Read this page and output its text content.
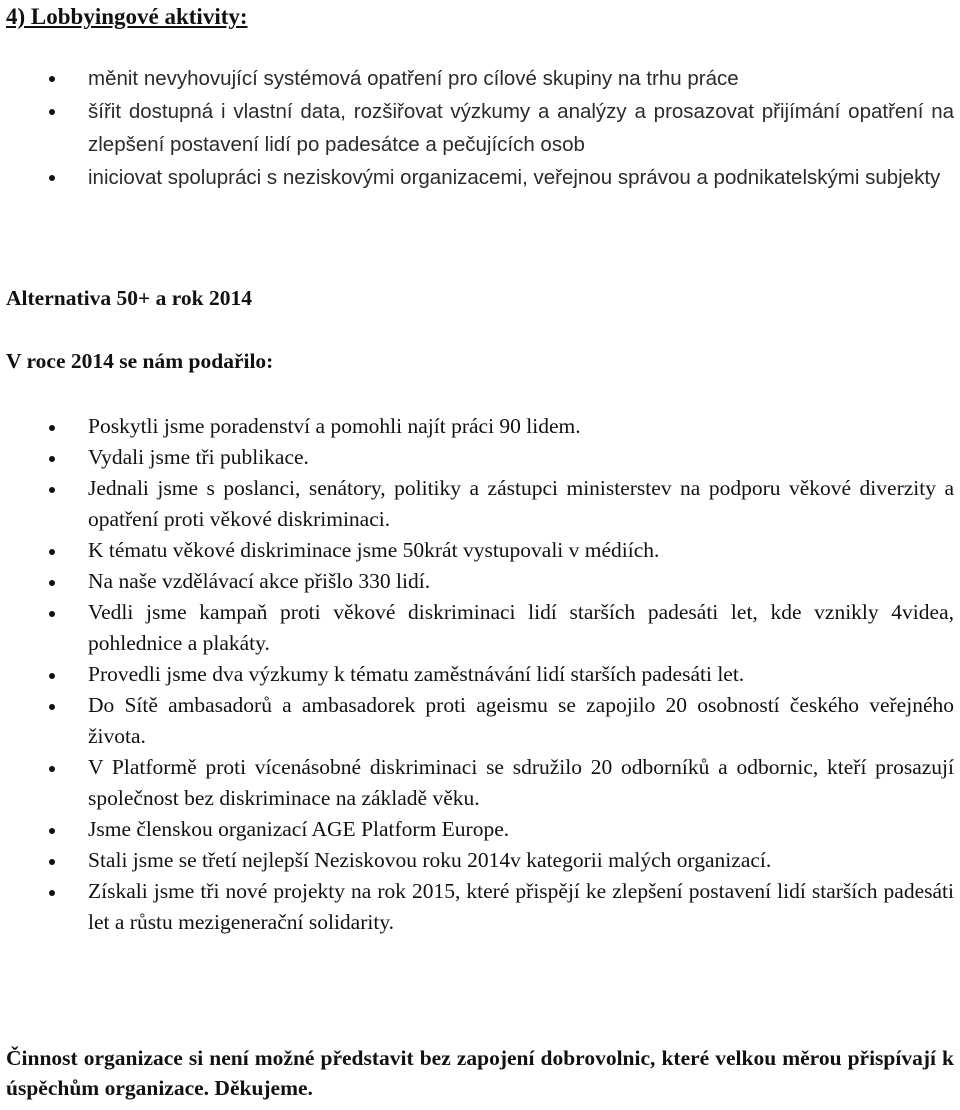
4) Lobbyingové aktivity:
měnit nevyhovující systémová opatření pro cílové skupiny na trhu práce
šířit dostupná i vlastní data, rozšiřovat výzkumy a analýzy a prosazovat přijímání opatření na zlepšení postavení lidí po padesátce a pečujících osob
iniciovat spolupráci s neziskovými organizacemi, veřejnou správou a podnikatelskými subjekty
Alternativa 50+ a rok 2014
V roce 2014 se nám podařilo:
Poskytli jsme poradenství a pomohli najít práci 90 lidem.
Vydali jsme tři publikace.
Jednali jsme s poslanci, senátory, politiky a zástupci ministerstev na podporu věkové diverzity a opatření proti věkové diskriminaci.
K tématu věkové diskriminace jsme 50krát vystupovali v médiích.
Na naše vzdělávací akce přišlo 330 lidí.
Vedli jsme kampaň proti věkové diskriminaci lidí starších padesáti let, kde vznikly 4videa, pohlednice a plakáty.
Provedli jsme dva výzkumy k tématu zaměstnávání lidí starších padesáti let.
Do Sítě ambasadorů a ambasadorek proti ageismu se zapojilo 20 osobností českého veřejného života.
V Platformě proti vícenásobné diskriminaci se sdružilo 20 odborníků a odbornic, kteří prosazují společnost bez diskriminace na základě věku.
Jsme členskou organizací AGE Platform Europe.
Stali jsme se třetí nejlepší Neziskovou roku 2014v kategorii malých organizací.
Získali jsme tři nové projekty na rok 2015, které přispějí ke zlepšení postavení lidí starších padesáti let a růstu mezigenerační solidarity.
Činnost organizace si není možné představit bez zapojení dobrovolnic, které velkou měrou přispívají k úspěchům organizace. Děkujeme.
